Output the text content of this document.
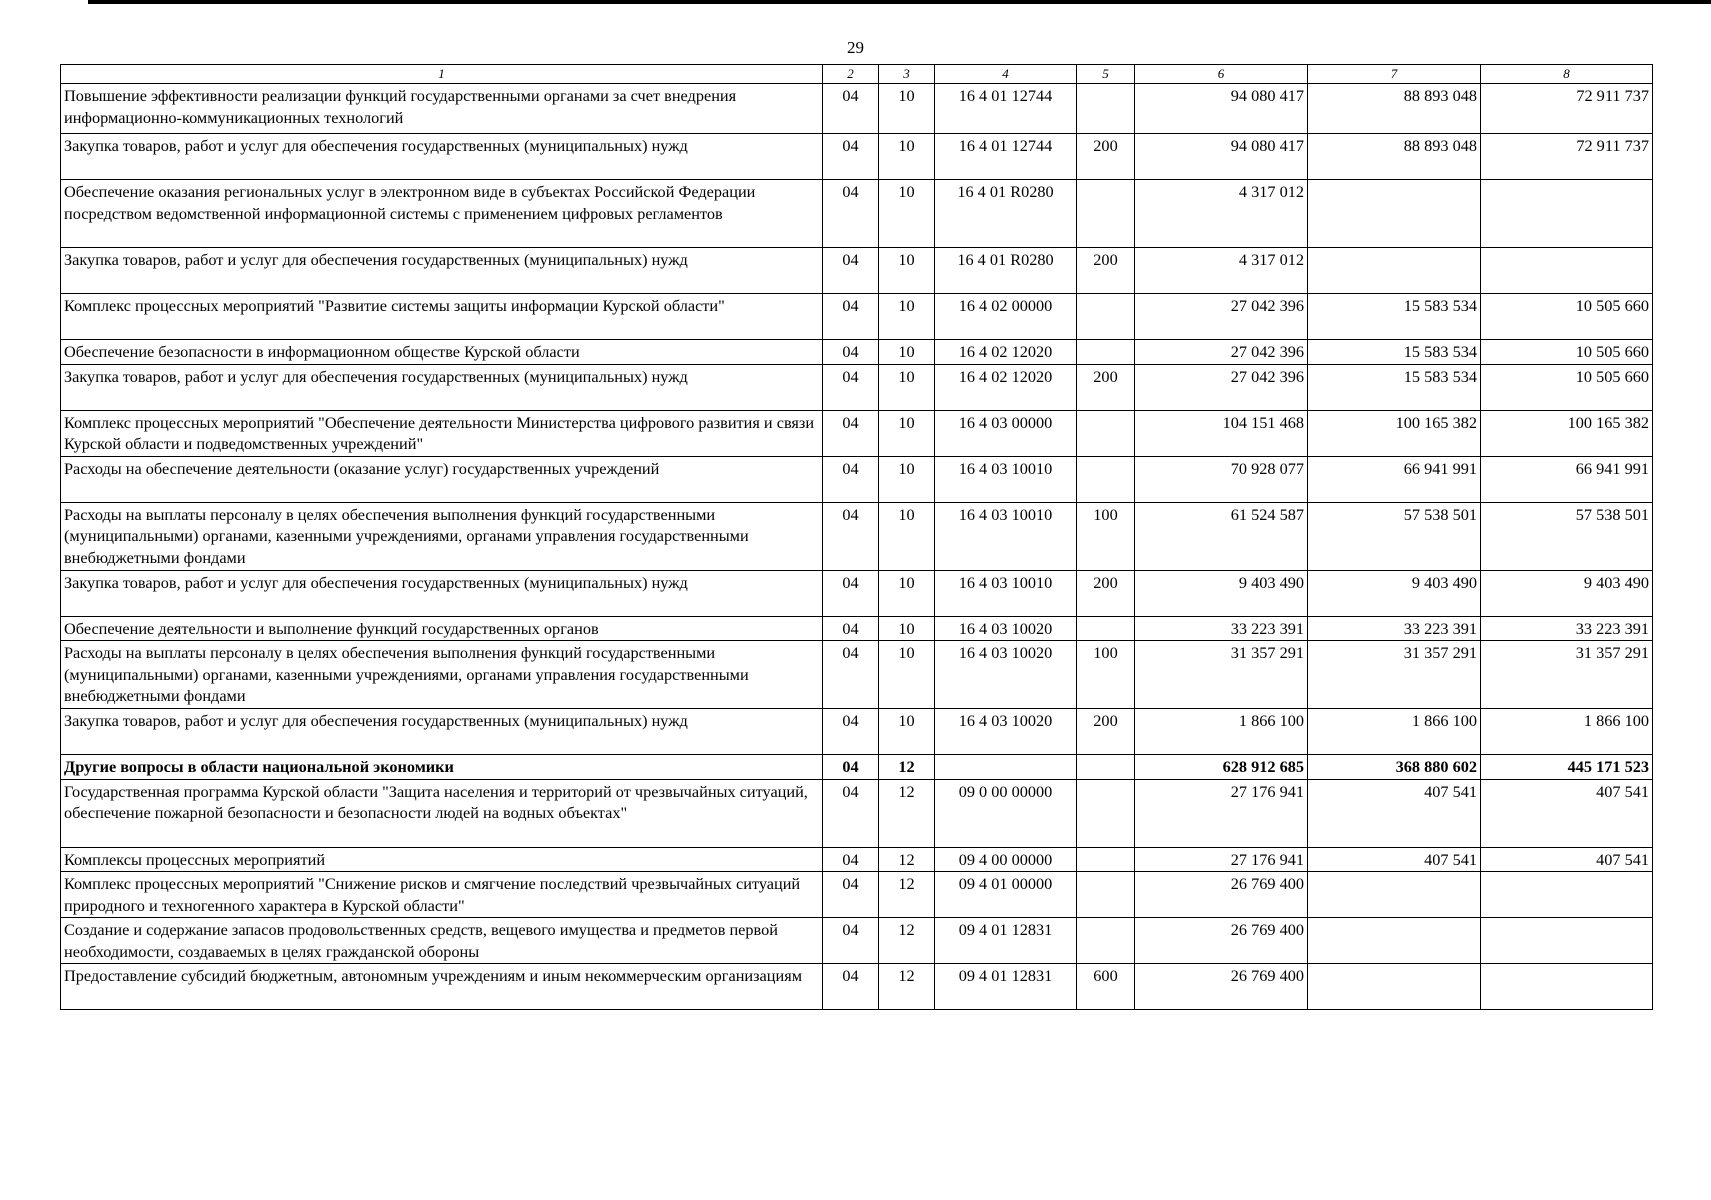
29
1	2	3	4	5	6	7	8
Повышение эффективности реализации функций государственными органами за счет внедрения информационно-коммуникационных технологий	04	10	16 4 01 12744		94 080 417	88 893 048	72 911 737
Закупка товаров, работ и услуг для обеспечения государственных (муниципальных) нужд	04	10	16 4 01 12744	200	94 080 417	88 893 048	72 911 737
Обеспечение оказания региональных услуг в электронном виде в субъектах Российской Федерации посредством ведомственной информационной системы с применением цифровых регламентов	04	10	16 4 01 R0280		4 317 012		
Закупка товаров, работ и услуг для обеспечения государственных (муниципальных) нужд	04	10	16 4 01 R0280	200	4 317 012		
Комплекс процессных мероприятий "Развитие системы защиты информации Курской области"	04	10	16 4 02 00000		27 042 396	15 583 534	10 505 660
Обеспечение безопасности в информационном обществе Курской области	04	10	16 4 02 12020		27 042 396	15 583 534	10 505 660
Закупка товаров, работ и услуг для обеспечения государственных (муниципальных) нужд	04	10	16 4 02 12020	200	27 042 396	15 583 534	10 505 660
Комплекс процессных мероприятий "Обеспечение деятельности Министерства цифрового развития и связи Курской области и подведомственных учреждений"	04	10	16 4 03 00000		104 151 468	100 165 382	100 165 382
Расходы на обеспечение деятельности (оказание услуг) государственных учреждений	04	10	16 4 03 10010		70 928 077	66 941 991	66 941 991
Расходы на выплаты персоналу в целях обеспечения выполнения функций государственными (муниципальными) органами, казенными учреждениями, органами управления государственными внебюджетными фондами	04	10	16 4 03 10010	100	61 524 587	57 538 501	57 538 501
Закупка товаров, работ и услуг для обеспечения государственных (муниципальных) нужд	04	10	16 4 03 10010	200	9 403 490	9 403 490	9 403 490
Обеспечение деятельности и выполнение функций государственных органов	04	10	16 4 03 10020		33 223 391	33 223 391	33 223 391
Расходы на выплаты персоналу в целях обеспечения выполнения функций государственными (муниципальными) органами, казенными учреждениями, органами управления государственными внебюджетными фондами	04	10	16 4 03 10020	100	31 357 291	31 357 291	31 357 291
Закупка товаров, работ и услуг для обеспечения государственных (муниципальных) нужд	04	10	16 4 03 10020	200	1 866 100	1 866 100	1 866 100
Другие вопросы в области национальной экономики	04	12			628 912 685	368 880 602	445 171 523
Государственная программа Курской области "Защита населения и территорий от чрезвычайных ситуаций, обеспечение пожарной безопасности и безопасности людей на водных объектах"	04	12	09 0 00 00000		27 176 941	407 541	407 541
Комплексы процессных мероприятий	04	12	09 4 00 00000		27 176 941	407 541	407 541
Комплекс процессных мероприятий "Снижение рисков и смягчение последствий чрезвычайных ситуаций природного и техногенного характера в Курской области"	04	12	09 4 01 00000		26 769 400		
Создание и содержание запасов продовольственных средств, вещевого имущества и предметов первой необходимости, создаваемых в целях гражданской обороны	04	12	09 4 01 12831		26 769 400		
Предоставление субсидий бюджетным, автономным учреждениям и иным некоммерческим организациям	04	12	09 4 01 12831	600	26 769 400		
